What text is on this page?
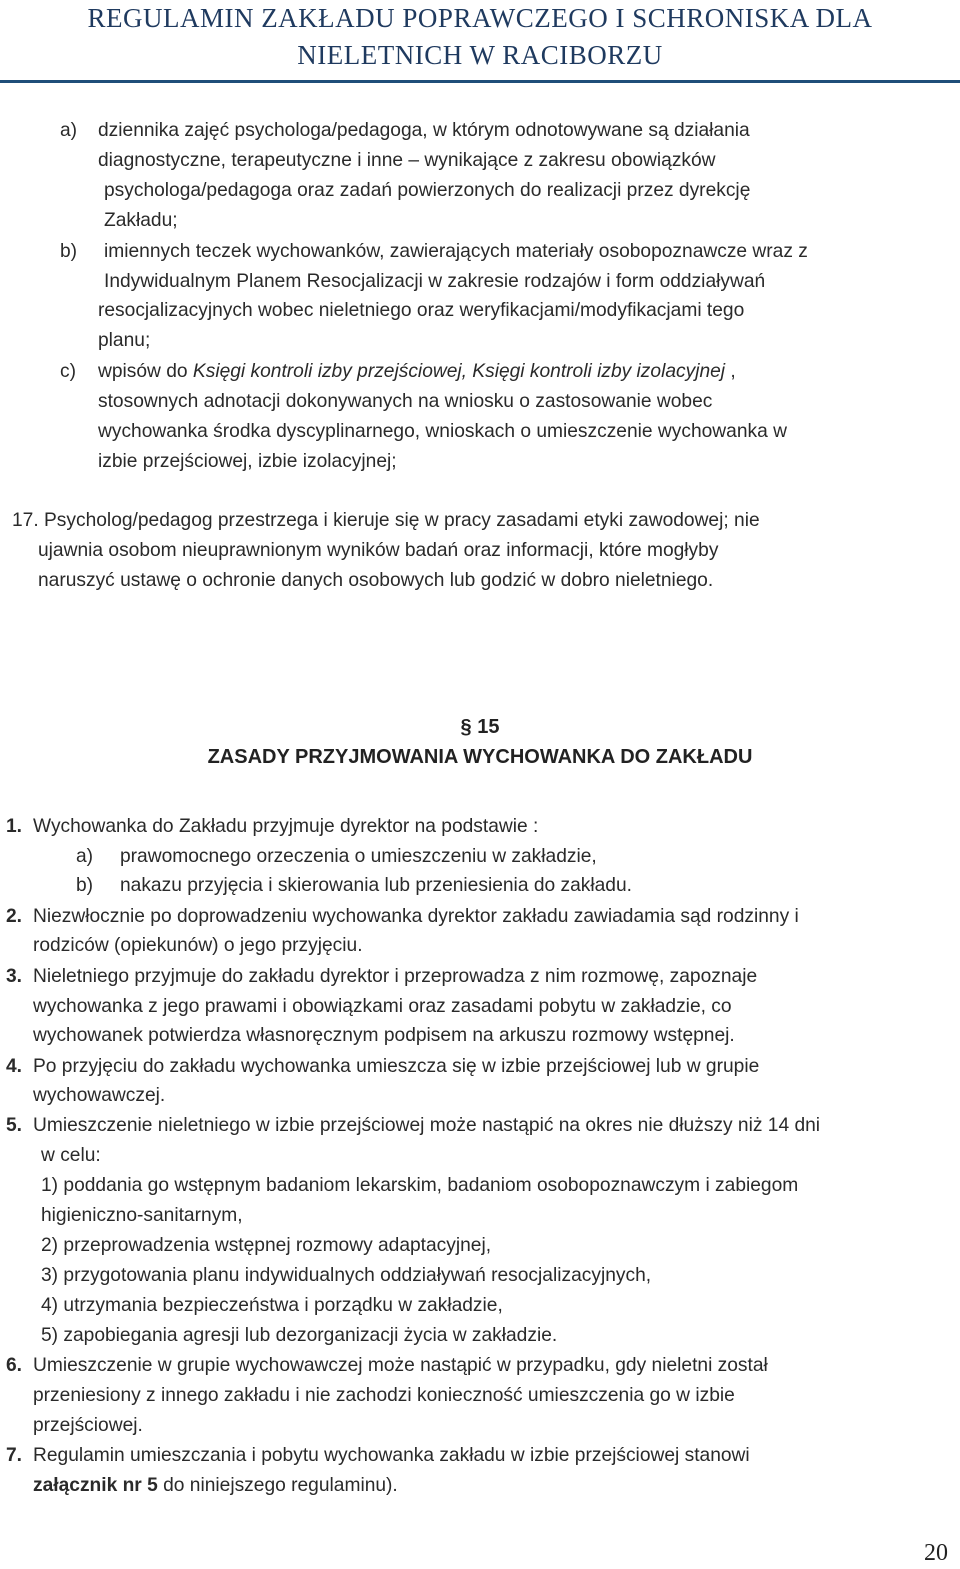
REGULAMIN ZAKŁADU POPRAWCZEGO I SCHRONISKA DLA
NIELETNICH W RACIBORZU
a) dziennika zajęć psychologa/pedagoga, w którym odnotowywane są działania
diagnostyczne, terapeutyczne i inne – wynikające z zakresu obowiązków
psychologa/pedagoga oraz zadań powierzonych do realizacji przez dyrekcję
Zakładu;
b) imiennych teczek wychowanków, zawierających materiały osobopoznawcze wraz z
Indywidualnym Planem Resocjalizacji w zakresie rodzajów i form oddziaływań
resocjalizacyjnych wobec nieletniego oraz weryfikacjami/modyfikacjami tego
planu;
c) wpisów do Księgi kontroli izby przejściowej, Księgi kontroli izby izolacyjnej ,
stosownych adnotacji dokonywanych na wniosku o zastosowanie wobec
wychowanka środka dyscyplinarnego, wnioskach o umieszczenie wychowanka w
izbie przejściowej, izbie izolacyjnej;
17. Psycholog/pedagog przestrzega i kieruje się w pracy zasadami etyki zawodowej; nie
ujawnia osobom nieuprawnionym wyników badań oraz informacji, które mogłyby
naruszyć ustawę o ochronie danych osobowych lub godzić w dobro nieletniego.
§ 15
ZASADY PRZYJMOWANIA WYCHOWANKA DO ZAKŁADU
1. Wychowanka do Zakładu przyjmuje dyrektor na podstawie :
a) prawomocnego orzeczenia o umieszczeniu w zakładzie,
b) nakazu przyjęcia i skierowania lub przeniesienia do zakładu.
2. Niezwłocznie po doprowadzeniu wychowanka dyrektor zakładu zawiadamia sąd rodzinny i
rodziców (opiekunów) o jego przyjęciu.
3. Nieletniego przyjmuje do zakładu dyrektor i przeprowadza z nim rozmowę, zapoznaje
wychowanka z jego prawami i obowiązkami oraz zasadami pobytu w zakładzie, co
wychowanek potwierdza własnoręcznym podpisem na arkuszu rozmowy wstępnej.
4. Po przyjęciu do zakładu wychowanka umieszcza się w izbie przejściowej lub w grupie
wychowawczej.
5. Umieszczenie nieletniego w izbie przejściowej może nastąpić na okres nie dłuższy niż 14 dni
w celu:
1) poddania go wstępnym badaniom lekarskim, badaniom osobopoznawczym i zabiegom
higieniczno-sanitarnym,
2) przeprowadzenia wstępnej rozmowy adaptacyjnej,
3) przygotowania planu indywidualnych oddziaływań resocjalizacyjnych,
4) utrzymania bezpieczeństwa i porządku w zakładzie,
5) zapobiegania agresji lub dezorganizacji życia w zakładzie.
6. Umieszczenie w grupie wychowawczej może nastąpić w przypadku, gdy nieletni został
przeniesiony z innego zakładu i nie zachodzi konieczność umieszczenia go w izbie
przejściowej.
7. Regulamin umieszczania i pobytu wychowanka zakładu w izbie przejściowej stanowi
załącznik nr 5 do niniejszego regulaminu).
20
